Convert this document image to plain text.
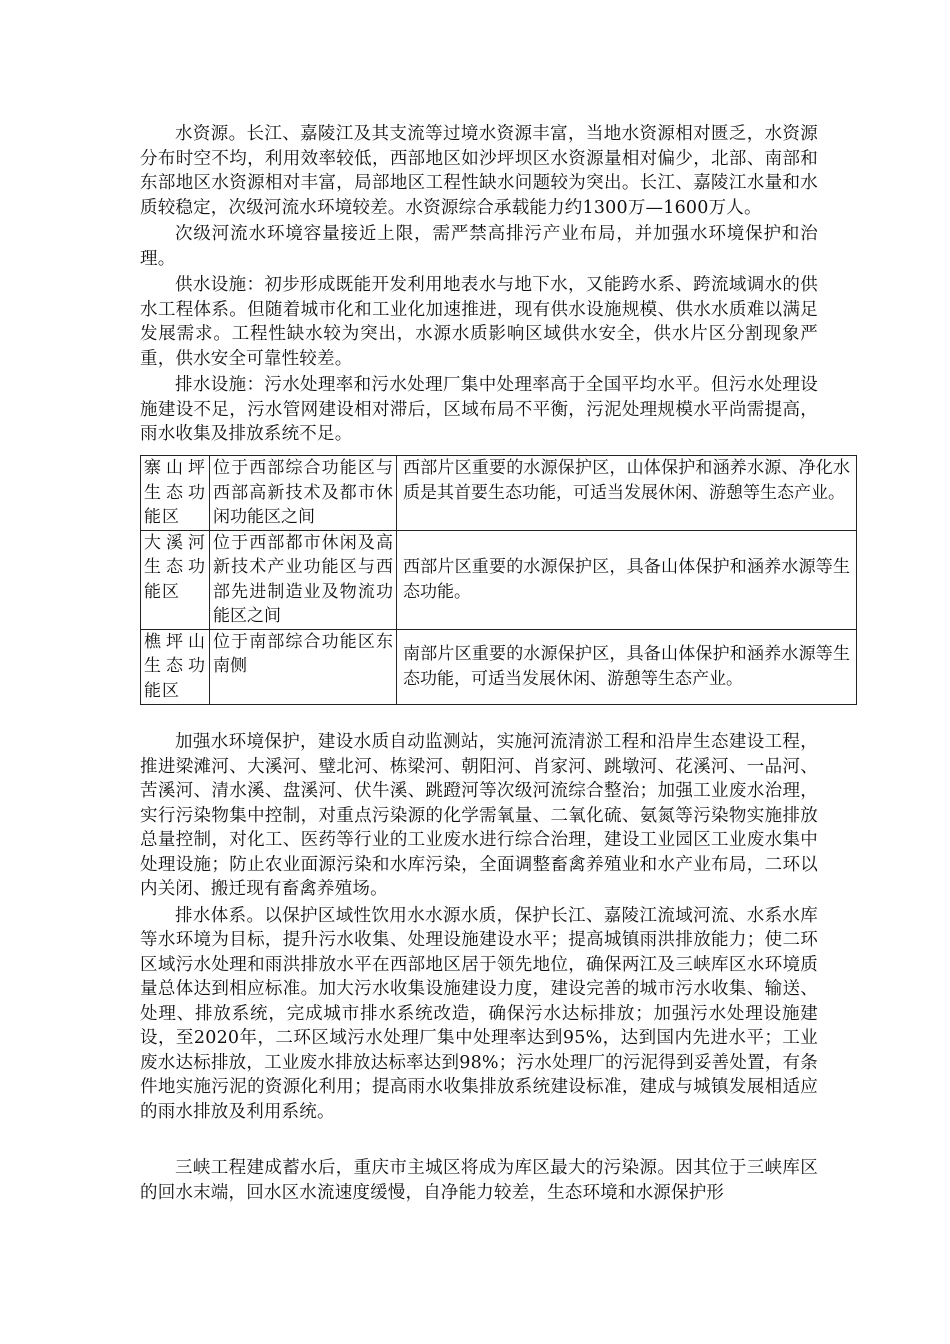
水资源。长江、嘉陵江及其支流等过境水资源丰富，当地水资源相对匮乏，水资源分布时空不均，利用效率较低，西部地区如沙坪坝区水资源量相对偏少，北部、南部和东部地区水资源相对丰富，局部地区工程性缺水问题较为突出。长江、嘉陵江水量和水质较稳定，次级河流水环境较差。水资源综合承载能力约1300万—1600万人。

次级河流水环境容量接近上限，需严禁高排污产业布局，并加强水环境保护和治理。

供水设施：初步形成既能开发利用地表水与地下水，又能跨水系、跨流域调水的供水工程体系。但随着城市化和工业化加速推进，现有供水设施规模、供水水质难以满足发展需求。工程性缺水较为突出，水源水质影响区域供水安全，供水片区分割现象严重，供水安全可靠性较差。

排水设施：污水处理率和污水处理厂集中处理率高于全国平均水平。但污水处理设施建设不足，污水管网建设相对滞后，区域布局不平衡，污泥处理规模水平尚需提高，雨水收集及排放系统不足。

寨山坪生态功能区	位于西部综合功能区与西部高新技术及都市休闲功能区之间	西部片区重要的水源保护区，山体保护和涵养水源、净化水质是其首要生态功能，可适当发展休闲、游憩等生态产业。
大溪河生态功能区	位于西部都市休闲及高新技术产业功能区与西部先进制造业及物流功能区之间	西部片区重要的水源保护区，具备山体保护和涵养水源等生态功能。
樵坪山生态功能区	位于南部综合功能区东南侧	南部片区重要的水源保护区，具备山体保护和涵养水源等生态功能，可适当发展休闲、游憩等生态产业。

加强水环境保护，建设水质自动监测站，实施河流清淤工程和沿岸生态建设工程，推进梁滩河、大溪河、璧北河、栋梁河、朝阳河、肖家河、跳墩河、花溪河、一品河、苦溪河、清水溪、盘溪河、伏牛溪、跳蹬河等次级河流综合整治；加强工业废水治理，实行污染物集中控制，对重点污染源的化学需氧量、二氧化硫、氨氮等污染物实施排放总量控制，对化工、医药等行业的工业废水进行综合治理，建设工业园区工业废水集中处理设施；防止农业面源污染和水库污染，全面调整畜禽养殖业和水产业布局，二环以内关闭、搬迁现有畜禽养殖场。

排水体系。以保护区域性饮用水水源水质，保护长江、嘉陵江流域河流、水系水库等水环境为目标，提升污水收集、处理设施建设水平；提高城镇雨洪排放能力；使二环区域污水处理和雨洪排放水平在西部地区居于领先地位，确保两江及三峡库区水环境质量总体达到相应标准。加大污水收集设施建设力度，建设完善的城市污水收集、输送、处理、排放系统，完成城市排水系统改造，确保污水达标排放；加强污水处理设施建设，至2020年，二环区域污水处理厂集中处理率达到95%，达到国内先进水平；工业废水达标排放，工业废水排放达标率达到98%；污水处理厂的污泥得到妥善处置，有条件地实施污泥的资源化利用；提高雨水收集排放系统建设标准，建成与城镇发展相适应的雨水排放及利用系统。

三峡工程建成蓄水后，重庆市主城区将成为库区最大的污染源。因其位于三峡库区的回水末端，回水区水流速度缓慢，自净能力较差，生态环境和水源保护形
